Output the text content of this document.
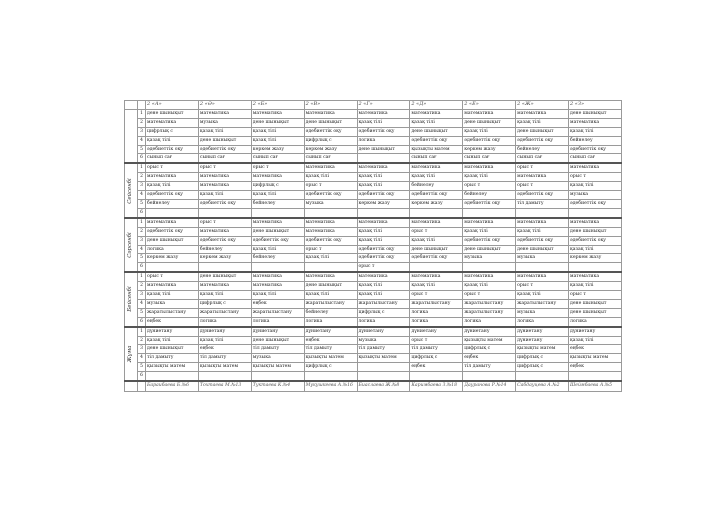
		2 «А»	2 «Ә»	2 «Б»	2 «В»	2 «Г»	2 «Д»	2 «Е»	2 «Ж»	2 «З»

	1	дене шынықыт	математика	математика	математика	математика	математика	математика	математика	дене шынықыт
	2	математика	музыка	дене шынықыт	дене шынықыт	қазақ тілі	қазақ тілі	дене шынықыт	қазақ тілі	математика
	3	цифрлық с	қазақ тілі	қазақ тілі	әдебиеттік оқу	әдебиеттік оқу	дене шынықыт	қазақ тілі	дене шынықыт	қазақ тілі
	4	қазақ тілі	дене шынықыт	қазақ тілі	цифрлық с	логика	әдебиеттік оқу	әдебиеттік оқу	әдебиеттік оқу	бейнелеу
	5	әдебиеттік оқу	әдебиеттік оқу	көркем жазу	көркем жазу	дене шынықыт	қызықты матем	көркем жазу	бейнелеу	әдебиеттік оқу
	6	сынып сағ	сынып сағ	сынып сағ	сынып сағ		сынып сағ	сынып сағ	сынып сағ	сынып сағ

Сейсенбі	1	орыс т	орыс т	орыс т	математика	математика	математика	математика	орыс т	математика
	2	математика	математика	математика	қазақ тілі	қазақ тілі	қазақ тілі	қазақ тілі	математика	орыс т
	3	қазақ тілі	математика	цифрлық с	орыс т	қазақ тілі	бейнелеу	орыс т	орыс т	қазақ тілі
	4	әдебиеттік оқу	қазақ тілі	қазақ тілі	әдебиеттік оқу	әдебиеттік оқу	әдебиеттік оқу	бейнелеу	әдебиеттік оқу	музыка
	5	бейнелеу	әдебиеттік оқу	бейнелеу	музыка	көркем жазу	көркем жазу	әдебиеттік оқу	тіл дамыту	әдебиеттік оқу
	6									

Сәрсенбі	1	математика	орыс т	математика	математика	математика	математика	математика	математика	математика
	2	әдебиеттік оқу	математика	дене шынықыт	математика	қазақ тілі	орыс т	қазақ тілі	қазақ тілі	дене шынықыт
	3	дене шынықыт	әдебиеттік оқу	әдебиеттік оқу	әдебиеттік оқу	қазақ тілі	қазақ тілі	әдебиеттік оқу	әдебиеттік оқу	әдебиеттік оқу
	4	логика	бейнелеу	қазақ тілі	орыс т	әдебиеттік оқу	дене шынықыт	дене шынықыт	дене шынықыт	қазақ тілі
	5	көркем жазу	көркем жазу	бейнелеу	қазақ тілі	әдебиеттік оқу	әдебиеттік оқу	музыка	музыка	көркем жазу
	6					орыс т				

Бейсенбі	1	орыс т	дене шынықыт	математика	математика	математика	математика	математика	математика	математика
	2	математика	математика	математика	дене шынықыт	қазақ тілі	қазақ тілі	қазақ тілі	орыс т	қазақ тілі
	3	қазақ тілі	қазақ тілі	қазақ тілі	қазақ тілі	қазақ тілі	орыс т	орыс т	қазақ тілі	орыс т
	4	музыка	цифрлық с	еңбек	жаратылыстану	жаратылыстану	жаратылыстану	жаратылыстану	жаратылыстану	дене шынықыт
	5	жаратылыстану	жаратылыстану	жаратылыстану	бейнелеу	цифрлық с	логика	жаратылыстану	музыка	дене шынықыт
	6	еңбек	логика	логика	логика	логика	логика	логика	логика	логика

Жұма	1	дүниетану	дүниетану	дүниетану	дүниетану	дүниетану	дүниетану	дүниетану	дүниетану	дүниетану
	2	қазақ тілі	қазақ тілі	дене шынықыт	еңбек	музыка	орыс т	қызықты матем	дүниетану	қазақ тілі
	3	дене шынықыт	еңбек	тіл дамыту	тіл дамыту	тіл дамыту	тіл дамыту	цифрлық с	қызықты матем	еңбек
	4	тіл дамыту	тіл дамыту	музыка	қызықты матем	қызықты матем	цифрлық с	еңбек	цифрлық с	қызықты матем
	5	қызықты матем	қызықты матем	қызықты матем	цифрлық с		еңбек	тіл дамыту	цифрлық с	еңбек
	6									
		Бараибаева Б.№6	Тохтаева М.№13	Туктаева К.№4	Мукушкеева А.№16	Биаслаева Ж.№8	Каримбаева З.№18	Дауранова Р.№14	Сабдауцева А.№2	Шеймбаева А.№5
